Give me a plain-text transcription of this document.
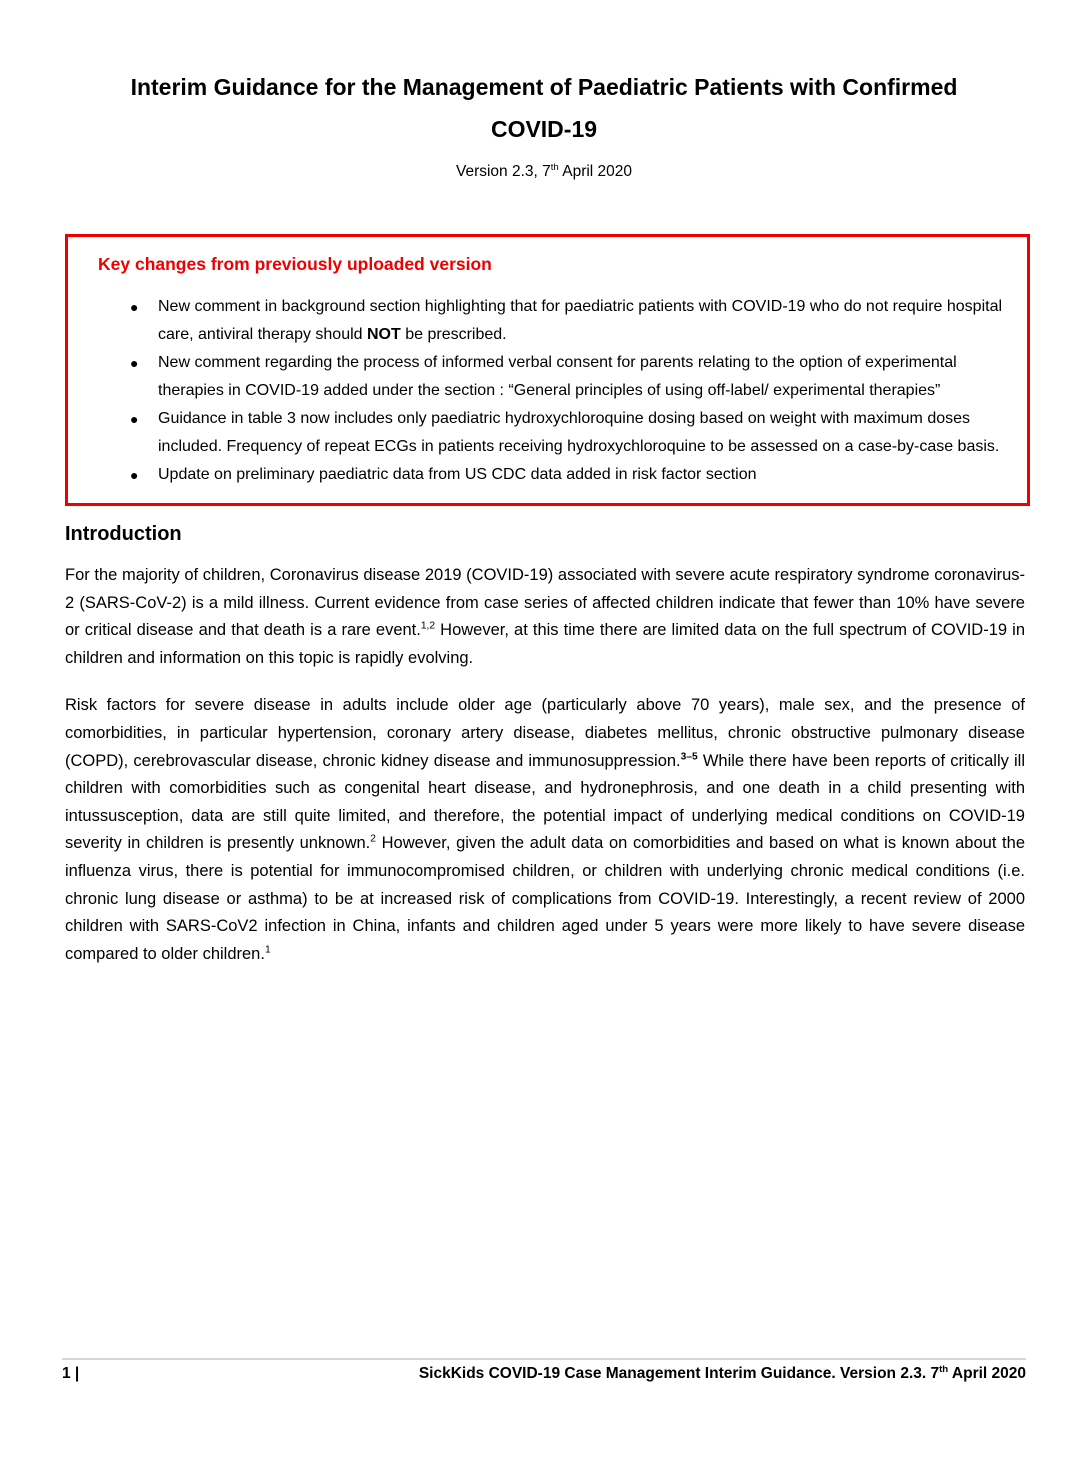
Interim Guidance for the Management of Paediatric Patients with Confirmed
COVID-19
Version 2.3, 7th April 2020
Key changes from previously uploaded version
● New comment in background section highlighting that for paediatric patients with COVID-19 who do not require hospital care, antiviral therapy should NOT be prescribed.
● New comment regarding the process of informed verbal consent for parents relating to the option of experimental therapies in COVID-19 added under the section : “General principles of using off-label/ experimental therapies”
● Guidance in table 3 now includes only paediatric hydroxychloroquine dosing based on weight with maximum doses included. Frequency of repeat ECGs in patients receiving hydroxychloroquine to be assessed on a case-by-case basis.
● Update on preliminary paediatric data from US CDC data added in risk factor section
Introduction

For the majority of children, Coronavirus disease 2019 (COVID-19) associated with severe acute respiratory syndrome coronavirus-2 (SARS-CoV-2) is a mild illness. Current evidence from case series of affected children indicate that fewer than 10% have severe or critical disease and that death is a rare event.$^{1,2}$ However, at this time there are limited data on the full spectrum of COVID-19 in children and information on this topic is rapidly evolving.

Risk factors for severe disease in adults include older age (particularly above 70 years), male sex, and the presence of comorbidities, in particular hypertension, coronary artery disease, diabetes mellitus, chronic obstructive pulmonary disease (COPD), cerebrovascular disease, chronic kidney disease and immunosuppression.$^{3-5}$ While there have been reports of critically ill children with comorbidities such as congenital heart disease, and hydronephrosis, and one death in a child presenting with intussusception, data are still quite limited, and therefore, the potential impact of underlying medical conditions on COVID-19 severity in children is presently unknown.$^2$ However, given the adult data on comorbidities and based on what is known about the influenza virus, there is potential for immunocompromised children, or children with underlying chronic medical conditions (i.e. chronic lung disease or asthma) to be at increased risk of complications from COVID-19. Interestingly, a recent review of 2000 children with SARS-CoV2 infection in China, infants and children aged under 5 years were more likely to have severe disease compared to older children.$^1$

1 |	SickKids COVID-19 Case Management Interim Guidance. Version 2.3. 7th April 2020
